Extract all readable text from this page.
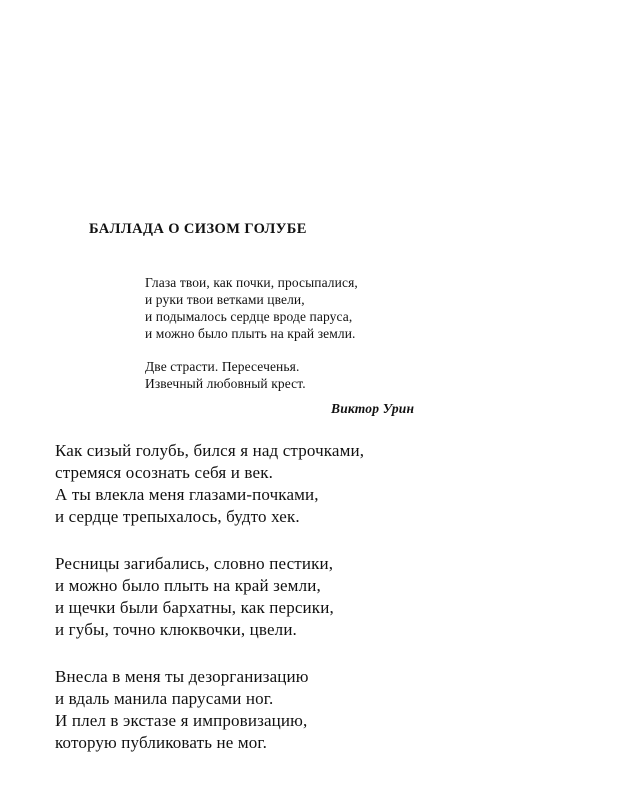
БАЛЛАДА О СИЗОМ ГОЛУБЕ
Глаза твои, как почки, просыпалися,
и руки твои ветками цвели,
и подымалось сердце вроде паруса,
и можно было плыть на край земли.
Две страсти. Пересеченья.
Извечный любовный крест.
Виктор Урин
Как сизый голубь, бился я над строчками,
стремяся осознать себя и век.
А ты влекла меня глазами-почками,
и сердце трепыхалось, будто хек.
Ресницы загибались, словно пестики,
и можно было плыть на край земли,
и щечки были бархатны, как персики,
и губы, точно клюквочки, цвели.
Внесла в меня ты дезорганизацию
и вдаль манила парусами ног.
И плел в экстазе я импровизацию,
которую публиковать не мог.
